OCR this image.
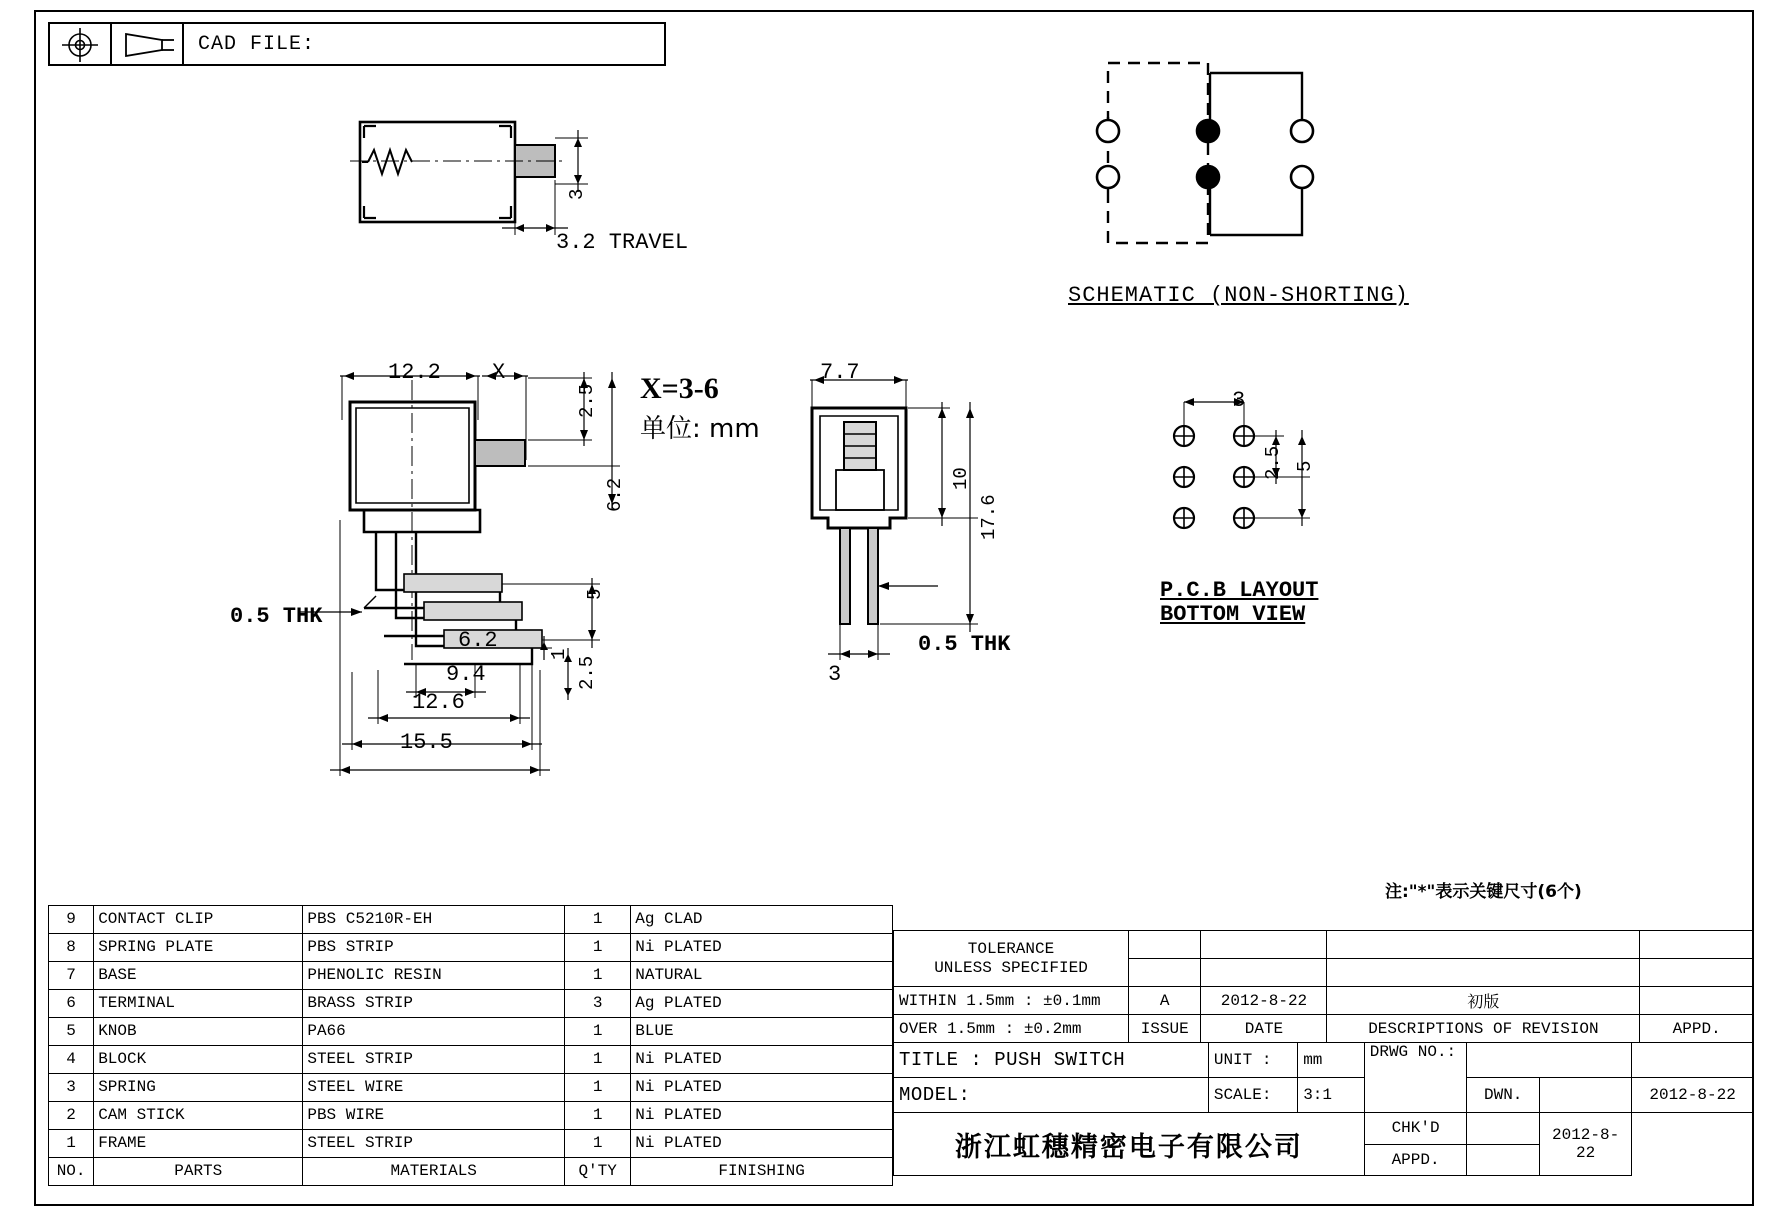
CAD FILE:
3
3.2 TRAVEL
SCHEMATIC (NON-SHORTING)
12.2 X
2.5
6.2
5
1
2.5
6.2
9.4
12.6
15.5
0.5 THK
X=3-6
单位: mm
7.7
10
17.6
0.5 THK
3
3
2.5 5
P.C.B LAYOUT
BOTTOM VIEW
注:"*"表示关键尺寸(6个)
9	CONTACT CLIP	PBS C5210R-EH	1	Ag CLAD
8	SPRING PLATE	PBS STRIP	1	Ni PLATED
7	BASE	PHENOLIC RESIN	1	NATURAL
6	TERMINAL	BRASS STRIP	3	Ag PLATED
5	KNOB	PA66	1	BLUE
4	BLOCK	STEEL STRIP	1	Ni PLATED
3	SPRING	STEEL WIRE	1	Ni PLATED
2	CAM STICK	PBS WIRE	1	Ni PLATED
1	FRAME	STEEL STRIP	1	Ni PLATED
NO.	PARTS	MATERIALS	Q'TY	FINISHING
TOLERANCE
UNLESS SPECIFIED				

WITHIN 1.5mm : ±0.1mm	A	2012-8-22	初版	
OVER 1.5mm : ±0.2mm	ISSUE	DATE	DESCRIPTIONS OF REVISION	APPD.
TITLE : PUSH SWITCH	UNIT :	mm	DRWG NO.:			
MODEL:	SCALE:	3:1		DWN.		2012-8-22
浙江虹穗精密电子有限公司			CHK'D		2012-8-22	
			APPD.			
